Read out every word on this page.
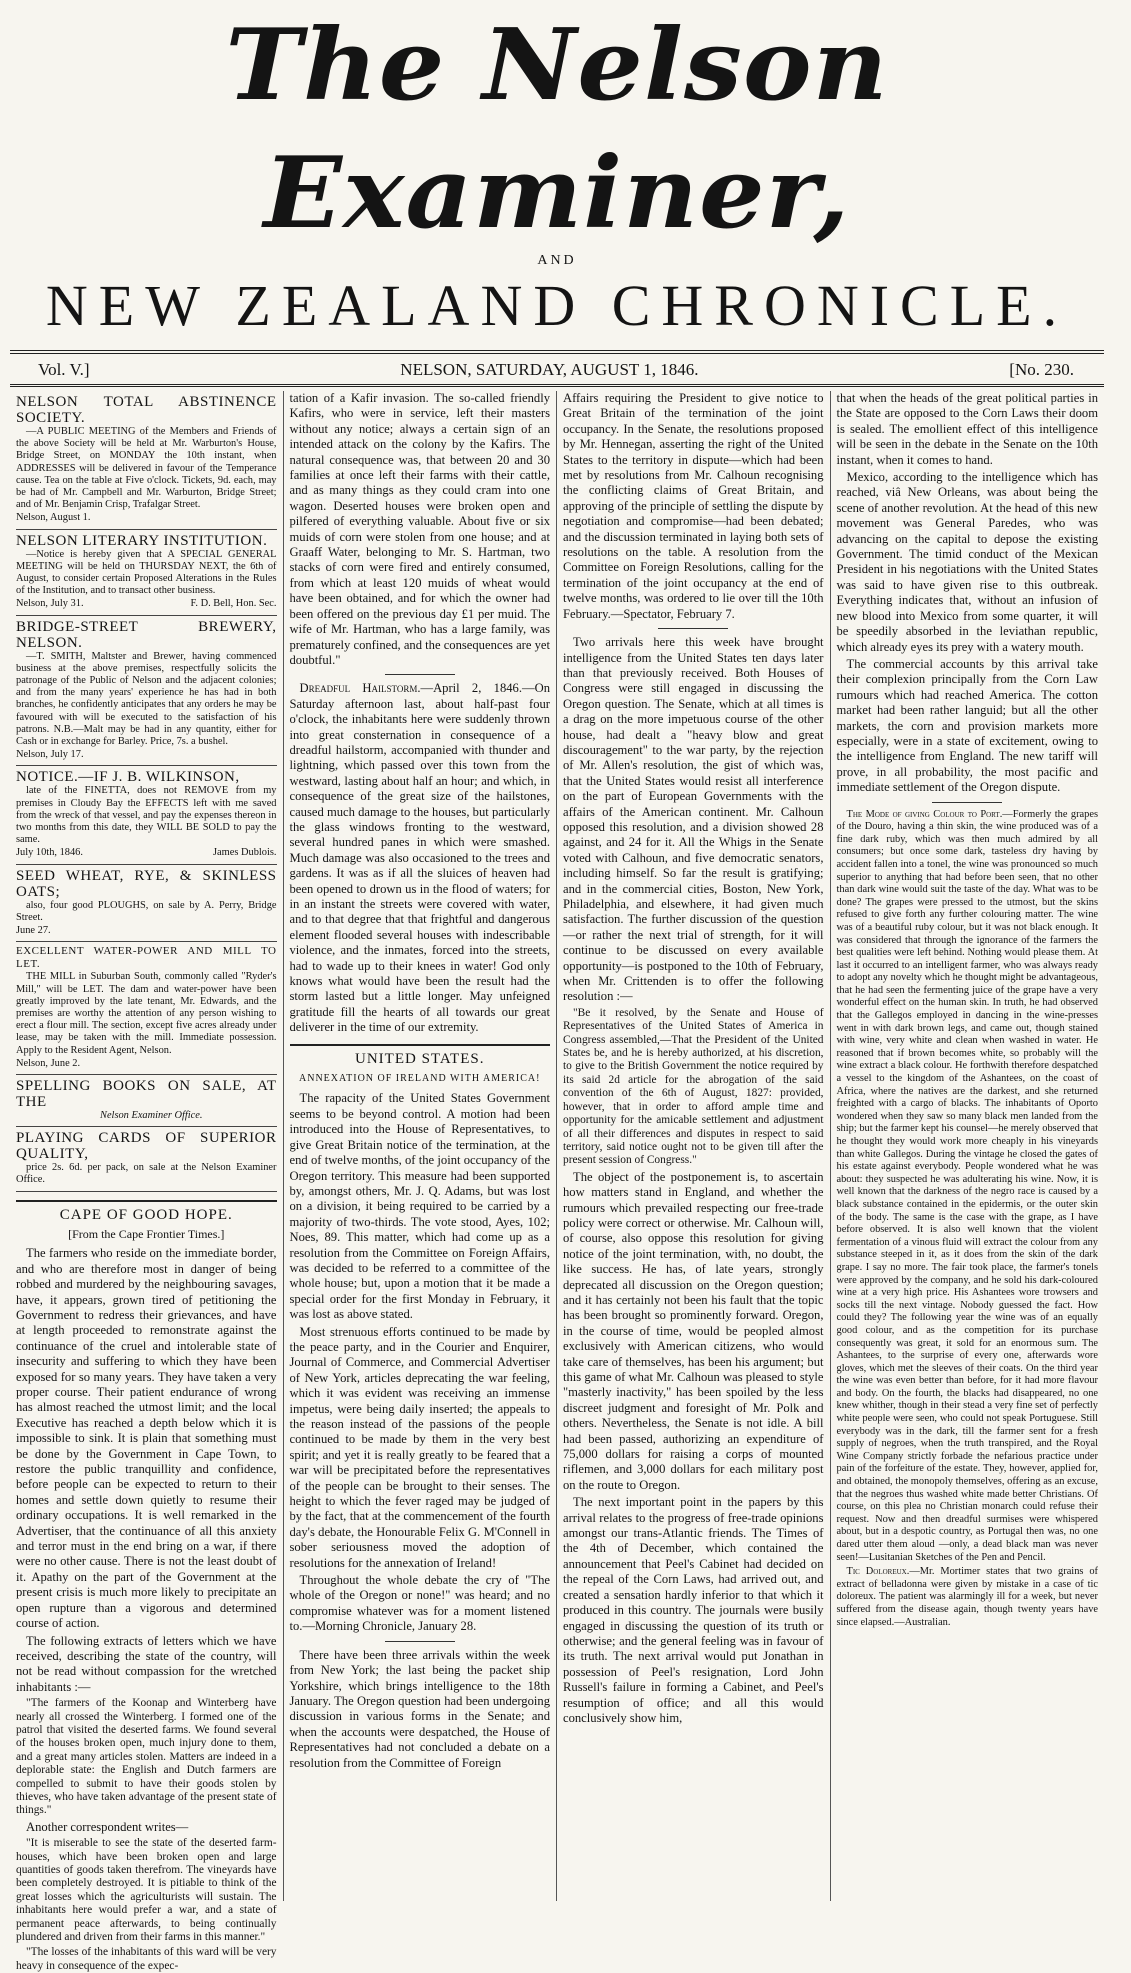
The Nelson Examiner,
AND
NEW ZEALAND CHRONICLE.
Vol. V.]	NELSON, SATURDAY, AUGUST 1, 1846.	[No. 230.
NELSON TOTAL ABSTINENCE SOCIETY.

—A PUBLIC MEETING of the Members and Friends of the above Society will be held at Mr. Warburton's House, Bridge Street, on MONDAY the 10th instant, when ADDRESSES will be delivered in favour of the Temperance cause. Tea on the table at Five o'clock. Tickets, 9d. each, may be had of Mr. Campbell and Mr. Warburton, Bridge Street; and of Mr. Benjamin Crisp, Trafalgar Street.

Nelson, August 1.
NELSON LITERARY INSTITUTION.

—Notice is hereby given that A SPECIAL GENERAL MEETING will be held on THURSDAY NEXT, the 6th of August, to consider certain Proposed Alterations in the Rules of the Institution, and to transact other business.

Nelson, July 31.	F. D. Bell, Hon. Sec.
BRIDGE-STREET BREWERY, NELSON.

—T. SMITH, Maltster and Brewer, having commenced business at the above premises, respectfully solicits the patronage of the Public of Nelson and the adjacent colonies; and from the many years' experience he has had in both branches, he confidently anticipates that any orders he may be favoured with will be executed to the satisfaction of his patrons. N.B.—Malt may be had in any quantity, either for Cash or in exchange for Barley. Price, 7s. a bushel.

Nelson, July 17.
NOTICE.—IF J. B. WILKINSON,

late of the FINETTA, does not REMOVE from my premises in Cloudy Bay the EFFECTS left with me saved from the wreck of that vessel, and pay the expenses thereon in two months from this date, they WILL BE SOLD to pay the same.

July 10th, 1846.	James Dublois.
SEED WHEAT, RYE, & SKINLESS OATS;

also, four good PLOUGHS, on sale by A. Perry, Bridge Street.

June 27.
EXCELLENT WATER-POWER AND MILL TO LET.

THE MILL in Suburban South, commonly called "Ryder's Mill," will be LET. The dam and water-power have been greatly improved by the late tenant, Mr. Edwards, and the premises are worthy the attention of any person wishing to erect a flour mill. The section, except five acres already under lease, may be taken with the mill. Immediate possession. Apply to the Resident Agent, Nelson.

Nelson, June 2.
SPELLING BOOKS ON SALE, AT THE

Nelson Examiner Office.

PLAYING CARDS OF SUPERIOR QUALITY,

price 2s. 6d. per pack, on sale at the Nelson Examiner Office.

CAPE OF GOOD HOPE.
[From the Cape Frontier Times.]

The farmers who reside on the immediate border, and who are therefore most in danger of being robbed and murdered by the neighbouring savages, have, it appears, grown tired of petitioning the Government to redress their grievances, and have at length proceeded to remonstrate against the continuance of the cruel and intolerable state of insecurity and suffering to which they have been exposed for so many years. They have taken a very proper course. Their patient endurance of wrong has almost reached the utmost limit; and the local Executive has reached a depth below which it is impossible to sink. It is plain that something must be done by the Government in Cape Town, to restore the public tranquillity and confidence, before people can be expected to return to their homes and settle down quietly to resume their ordinary occupations. It is well remarked in the Advertiser, that the continuance of all this anxiety and terror must in the end bring on a war, if there were no other cause. There is not the least doubt of it. Apathy on the part of the Government at the present crisis is much more likely to precipitate an open rupture than a vigorous and determined course of action.

The following extracts of letters which we have received, describing the state of the country, will not be read without compassion for the wretched inhabitants :—

"The farmers of the Koonap and Winterberg have nearly all crossed the Winterberg. I formed one of the patrol that visited the deserted farms. We found several of the houses broken open, much injury done to them, and a great many articles stolen. Matters are indeed in a deplorable state: the English and Dutch farmers are compelled to submit to have their goods stolen by thieves, who have taken advantage of the present state of things."

Another correspondent writes—

"It is miserable to see the state of the deserted farm-houses, which have been broken open and large quantities of goods taken therefrom. The vineyards have been completely destroyed. It is pitiable to think of the great losses which the agriculturists will sustain. The inhabitants here would prefer a war, and a state of permanent peace afterwards, to being continually plundered and driven from their farms in this manner."

"The losses of the inhabitants of this ward will be very heavy in consequence of the expec-

tation of a Kafir invasion. The so-called friendly Kafirs, who were in service, left their masters without any notice; always a certain sign of an intended attack on the colony by the Kafirs. The natural consequence was, that between 20 and 30 families at once left their farms with their cattle, and as many things as they could cram into one wagon. Deserted houses were broken open and pilfered of everything valuable. About five or six muids of corn were stolen from one house; and at Graaff Water, belonging to Mr. S. Hartman, two stacks of corn were fired and entirely consumed, from which at least 120 muids of wheat would have been obtained, and for which the owner had been offered on the previous day £1 per muid. The wife of Mr. Hartman, who has a large family, was prematurely confined, and the consequences are yet doubtful."

Dreadful Hailstorm.—April 2, 1846.—On Saturday afternoon last, about half-past four o'clock, the inhabitants here were suddenly thrown into great consternation in consequence of a dreadful hailstorm, accompanied with thunder and lightning, which passed over this town from the westward, lasting about half an hour; and which, in consequence of the great size of the hailstones, caused much damage to the houses, but particularly the glass windows fronting to the westward, several hundred panes in which were smashed. Much damage was also occasioned to the trees and gardens. It was as if all the sluices of heaven had been opened to drown us in the flood of waters; for in an instant the streets were covered with water, and to that degree that that frightful and dangerous element flooded several houses with indescribable violence, and the inmates, forced into the streets, had to wade up to their knees in water! God only knows what would have been the result had the storm lasted but a little longer. May unfeigned gratitude fill the hearts of all towards our great deliverer in the time of our extremity.

UNITED STATES.
ANNEXATION OF IRELAND WITH AMERICA!

The rapacity of the United States Government seems to be beyond control. A motion had been introduced into the House of Representatives, to give Great Britain notice of the termination, at the end of twelve months, of the joint occupancy of the Oregon territory. This measure had been supported by, amongst others, Mr. J. Q. Adams, but was lost on a division, it being required to be carried by a majority of two-thirds. The vote stood, Ayes, 102; Noes, 89. This matter, which had come up as a resolution from the Committee on Foreign Affairs, was decided to be referred to a committee of the whole house; but, upon a motion that it be made a special order for the first Monday in February, it was lost as above stated.

Most strenuous efforts continued to be made by the peace party, and in the Courier and Enquirer, Journal of Commerce, and Commercial Advertiser of New York, articles deprecating the war feeling, which it was evident was receiving an immense impetus, were being daily inserted; the appeals to the reason instead of the passions of the people continued to be made by them in the very best spirit; and yet it is really greatly to be feared that a war will be precipitated before the representatives of the people can be brought to their senses. The height to which the fever raged may be judged of by the fact, that at the commencement of the fourth day's debate, the Honourable Felix G. M'Connell in sober seriousness moved the adoption of resolutions for the annexation of Ireland!

Throughout the whole debate the cry of "The whole of the Oregon or none!" was heard; and no compromise whatever was for a moment listened to.—Morning Chronicle, January 28.

There have been three arrivals within the week from New York; the last being the packet ship Yorkshire, which brings intelligence to the 18th January. The Oregon question had been undergoing discussion in various forms in the Senate; and when the accounts were despatched, the House of Representatives had not concluded a debate on a resolution from the Committee of Foreign

Affairs requiring the President to give notice to Great Britain of the termination of the joint occupancy. In the Senate, the resolutions proposed by Mr. Hennegan, asserting the right of the United States to the territory in dispute—which had been met by resolutions from Mr. Calhoun recognising the conflicting claims of Great Britain, and approving of the principle of settling the dispute by negotiation and compromise—had been debated; and the discussion terminated in laying both sets of resolutions on the table. A resolution from the Committee on Foreign Resolutions, calling for the termination of the joint occupancy at the end of twelve months, was ordered to lie over till the 10th February.—Spectator, February 7.

Two arrivals here this week have brought intelligence from the United States ten days later than that previously received. Both Houses of Congress were still engaged in discussing the Oregon question. The Senate, which at all times is a drag on the more impetuous course of the other house, had dealt a "heavy blow and great discouragement" to the war party, by the rejection of Mr. Allen's resolution, the gist of which was, that the United States would resist all interference on the part of European Governments with the affairs of the American continent. Mr. Calhoun opposed this resolution, and a division showed 28 against, and 24 for it. All the Whigs in the Senate voted with Calhoun, and five democratic senators, including himself. So far the result is gratifying; and in the commercial cities, Boston, New York, Philadelphia, and elsewhere, it had given much satisfaction. The further discussion of the question—or rather the next trial of strength, for it will continue to be discussed on every available opportunity—is postponed to the 10th of February, when Mr. Crittenden is to offer the following resolution :—

"Be it resolved, by the Senate and House of Representatives of the United States of America in Congress assembled,—That the President of the United States be, and he is hereby authorized, at his discretion, to give to the British Government the notice required by its said 2d article for the abrogation of the said convention of the 6th of August, 1827: provided, however, that in order to afford ample time and opportunity for the amicable settlement and adjustment of all their differences and disputes in respect to said territory, said notice ought not to be given till after the present session of Congress."

The object of the postponement is, to ascertain how matters stand in England, and whether the rumours which prevailed respecting our free-trade policy were correct or otherwise. Mr. Calhoun will, of course, also oppose this resolution for giving notice of the joint termination, with, no doubt, the like success. He has, of late years, strongly deprecated all discussion on the Oregon question; and it has certainly not been his fault that the topic has been brought so prominently forward. Oregon, in the course of time, would be peopled almost exclusively with American citizens, who would take care of themselves, has been his argument; but this game of what Mr. Calhoun was pleased to style "masterly inactivity," has been spoiled by the less discreet judgment and foresight of Mr. Polk and others. Nevertheless, the Senate is not idle. A bill had been passed, authorizing an expenditure of 75,000 dollars for raising a corps of mounted riflemen, and 3,000 dollars for each military post on the route to Oregon.

The next important point in the papers by this arrival relates to the progress of free-trade opinions amongst our trans-Atlantic friends. The Times of the 4th of December, which contained the announcement that Peel's Cabinet had decided on the repeal of the Corn Laws, had arrived out, and created a sensation hardly inferior to that which it produced in this country. The journals were busily engaged in discussing the question of its truth or otherwise; and the general feeling was in favour of its truth. The next arrival would put Jonathan in possession of Peel's resignation, Lord John Russell's failure in forming a Cabinet, and Peel's resumption of office; and all this would conclusively show him,

that when the heads of the great political parties in the State are opposed to the Corn Laws their doom is sealed. The emollient effect of this intelligence will be seen in the debate in the Senate on the 10th instant, when it comes to hand.

Mexico, according to the intelligence which has reached, viâ New Orleans, was about being the scene of another revolution. At the head of this new movement was General Paredes, who was advancing on the capital to depose the existing Government. The timid conduct of the Mexican President in his negotiations with the United States was said to have given rise to this outbreak. Everything indicates that, without an infusion of new blood into Mexico from some quarter, it will be speedily absorbed in the leviathan republic, which already eyes its prey with a watery mouth.

The commercial accounts by this arrival take their complexion principally from the Corn Law rumours which had reached America. The cotton market had been rather languid; but all the other markets, the corn and provision markets more especially, were in a state of excitement, owing to the intelligence from England. The new tariff will prove, in all probability, the most pacific and immediate settlement of the Oregon dispute.

The Mode of giving Colour to Port.—Formerly the grapes of the Douro, having a thin skin, the wine produced was of a fine dark ruby, which was then much admired by all consumers; but once some dark, tasteless dry having by accident fallen into a tonel, the wine was pronounced so much superior to anything that had before been seen, that no other than dark wine would suit the taste of the day. What was to be done? The grapes were pressed to the utmost, but the skins refused to give forth any further colouring matter. The wine was of a beautiful ruby colour, but it was not black enough. It was considered that through the ignorance of the farmers the best qualities were left behind. Nothing would please them. At last it occurred to an intelligent farmer, who was always ready to adopt any novelty which he thought might be advantageous, that he had seen the fermenting juice of the grape have a very wonderful effect on the human skin. In truth, he had observed that the Gallegos employed in dancing in the wine-presses went in with dark brown legs, and came out, though stained with wine, very white and clean when washed in water. He reasoned that if brown becomes white, so probably will the wine extract a black colour. He forthwith therefore despatched a vessel to the kingdom of the Ashantees, on the coast of Africa, where the natives are the darkest, and she returned freighted with a cargo of blacks. The inhabitants of Oporto wondered when they saw so many black men landed from the ship; but the farmer kept his counsel—he merely observed that he thought they would work more cheaply in his vineyards than white Gallegos. During the vintage he closed the gates of his estate against everybody. People wondered what he was about: they suspected he was adulterating his wine. Now, it is well known that the darkness of the negro race is caused by a black substance contained in the epidermis, or the outer skin of the body. The same is the case with the grape, as I have before observed. It is also well known that the violent fermentation of a vinous fluid will extract the colour from any substance steeped in it, as it does from the skin of the dark grape. I say no more. The fair took place, the farmer's tonels were approved by the company, and he sold his dark-coloured wine at a very high price. His Ashantees wore trowsers and socks till the next vintage. Nobody guessed the fact. How could they? The following year the wine was of an equally good colour, and as the competition for its purchase consequently was great, it sold for an enormous sum. The Ashantees, to the surprise of every one, afterwards wore gloves, which met the sleeves of their coats. On the third year the wine was even better than before, for it had more flavour and body. On the fourth, the blacks had disappeared, no one knew whither, though in their stead a very fine set of perfectly white people were seen, who could not speak Portuguese. Still everybody was in the dark, till the farmer sent for a fresh supply of negroes, when the truth transpired, and the Royal Wine Company strictly forbade the nefarious practice under pain of the forfeiture of the estate. They, however, applied for, and obtained, the monopoly themselves, offering as an excuse, that the negroes thus washed white made better Christians. Of course, on this plea no Christian monarch could refuse their request. Now and then dreadful surmises were whispered about, but in a despotic country, as Portugal then was, no one dared utter them aloud —only, a dead black man was never seen!—Lusitanian Sketches of the Pen and Pencil.

Tic Doloreux.—Mr. Mortimer states that two grains of extract of belladonna were given by mistake in a case of tic doloreux. The patient was alarmingly ill for a week, but never suffered from the disease again, though twenty years have since elapsed.—Australian.
